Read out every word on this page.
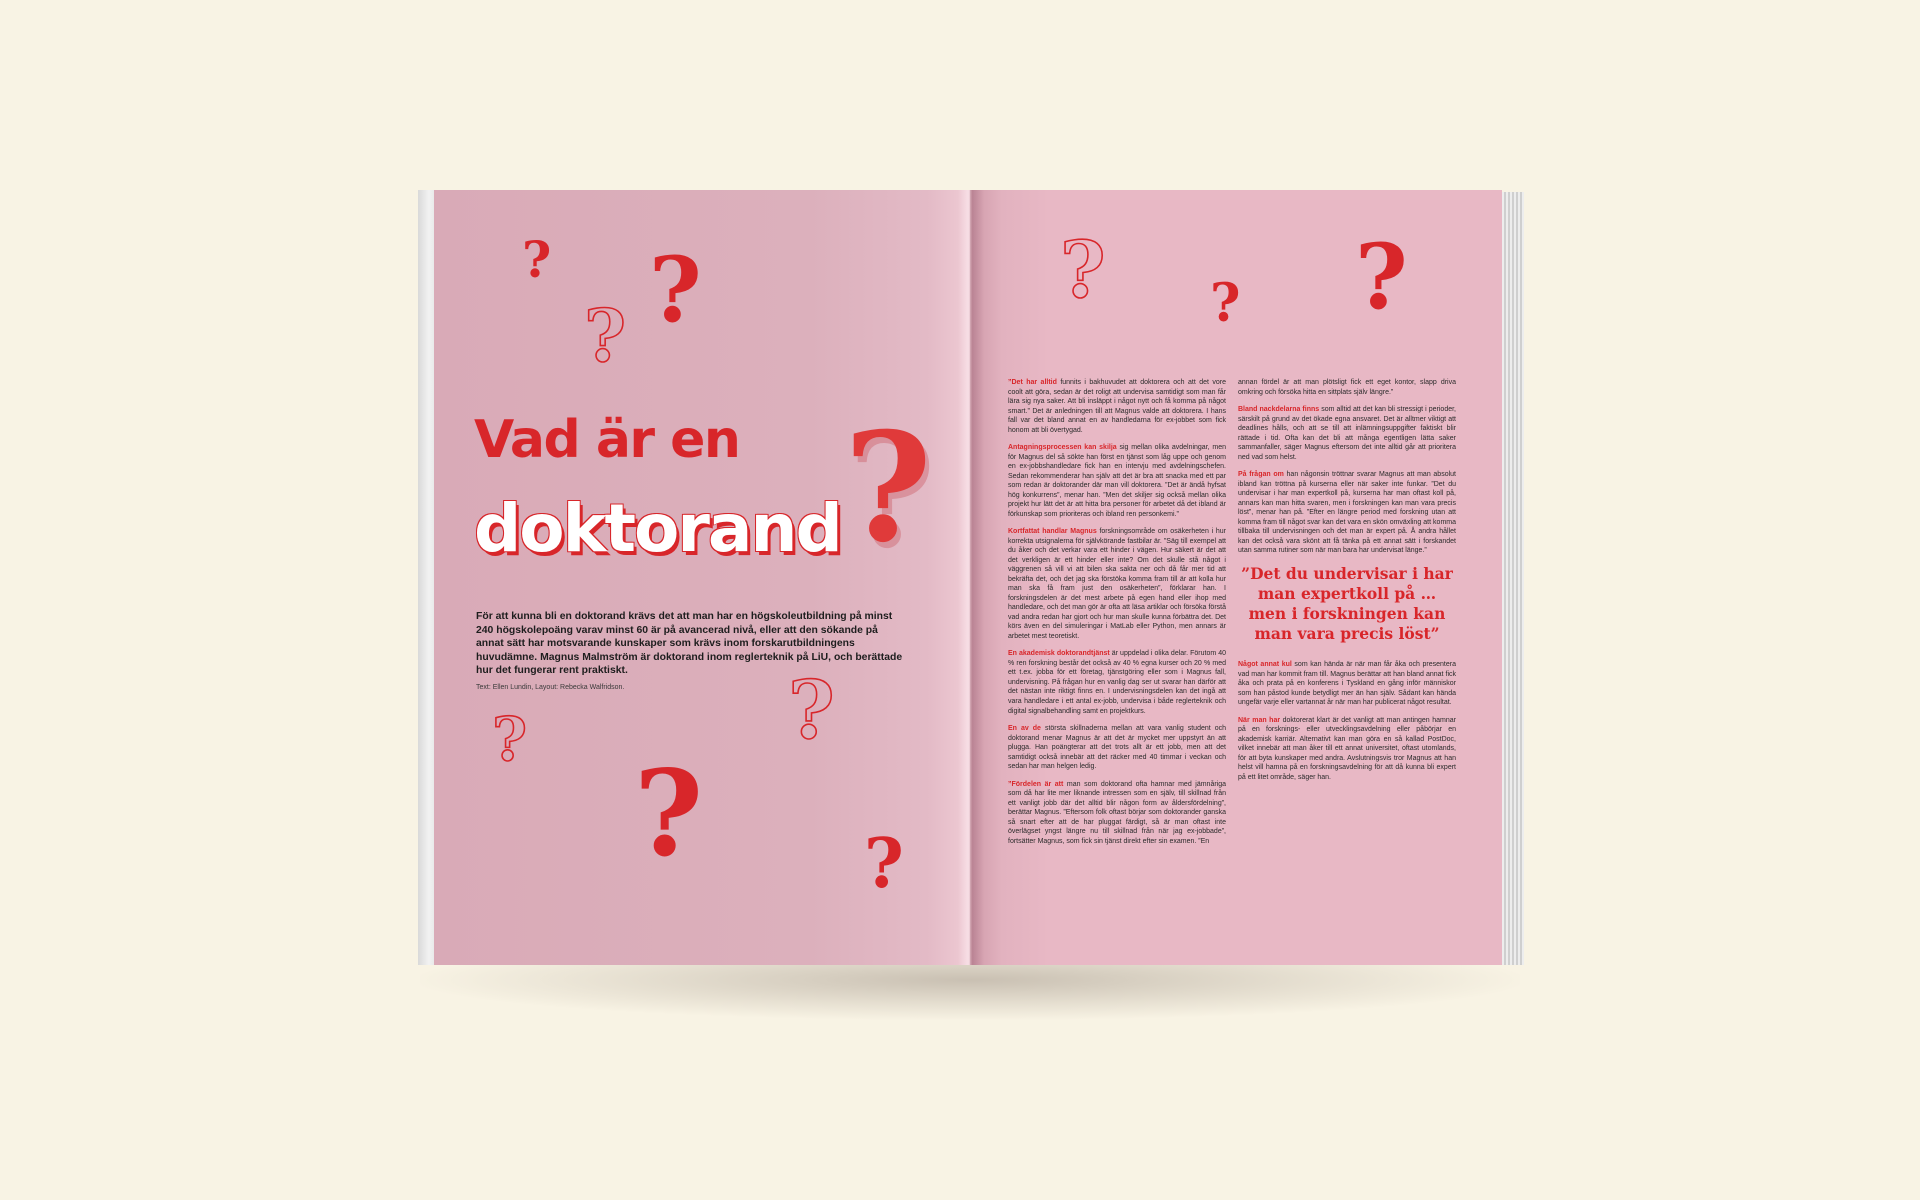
? ?
?
Vad är en
doktorand ?

För att kunna bli en doktorand krävs det att man har en högskoleutbildning på minst 240 högskolepoäng varav minst 60 är på avancerad nivå, eller att den sökande på annat sätt har motsvarande kunskaper som krävs inom forskarutbildningens huvudämne. Magnus Malmström är doktorand inom reglerteknik på LiU, och berättade hur det fungerar rent praktiskt.

Text: Ellen Lundin, Layout: Rebecka Walfridson.

?	?
? ?
? ? ?

”Det har alltid funnits i bakhuvudet att doktorera och att det vore coolt att göra, sedan är det roligt att undervisa samtidigt som man får lära sig nya saker. Att bli insläppt i något nytt och få komma på något smart.” Det är anledningen till att Magnus valde att doktorera. I hans fall var det bland annat en av handledarna för ex-jobbet som fick honom att bli övertygad.

Antagningsprocessen kan skilja sig mellan olika avdelningar, men för Magnus del så sökte han först en tjänst som låg uppe och genom en ex-jobbshandledare fick han en intervju med avdelningschefen. Sedan rekommenderar han själv att det är bra att snacka med ett par som redan är doktorander där man vill doktorera. ”Det är ändå hyfsat hög konkurrens”, menar han. ”Men det skiljer sig också mellan olika projekt hur lätt det är att hitta bra personer för arbetet då det ibland är förkunskap som prioriteras och ibland ren personkemi.”

Kortfattat handlar Magnus forskningsområde om osäkerheten i hur korrekta utsignalerna för självkörande fastbilar är. ”Säg till exempel att du åker och det verkar vara ett hinder i vägen. Hur säkert är det att det verkligen är ett hinder eller inte? Om det skulle stå något i väggrenen så vill vi att bilen ska sakta ner och då får mer tid att bekräfta det, och det jag ska förstöka komma fram till är att kolla hur man ska få fram just den osäkerheten”, förklarar han. I forskningsdelen är det mest arbete på egen hand eller ihop med handledare, och det man gör är ofta att läsa artiklar och försöka förstå vad andra redan har gjort och hur man skulle kunna förbättra det. Det körs även en del simuleringar i MatLab eller Python, men annars är arbetet mest teoretiskt.

En akademisk doktorandtjänst är uppdelad i olika delar. Förutom 40 % ren forskning består det också av 40 % egna kurser och 20 % med ett t.ex. jobba för ett företag, tjänstgöring eller som i Magnus fall, undervisning. På frågan hur en vanlig dag ser ut svarar han därför att det nästan inte riktigt finns en. I undervisningsdelen kan det ingå att vara handledare i ett antal ex-jobb, undervisa i både reglerteknik och digital signalbehandling samt en projektkurs.

En av de största skillnaderna mellan att vara vanlig student och doktorand menar Magnus är att det är mycket mer uppstyrt än att plugga. Han poängterar att det trots allt är ett jobb, men att det samtidigt också innebär att det räcker med 40 timmar i veckan och sedan har man helgen ledig.

”Fördelen är att man som doktorand ofta hamnar med jämnåriga som då har lite mer liknande intressen som en själv, till skillnad från ett vanligt jobb där det alltid blir någon form av åldersfördelning”, berättar Magnus. ”Eftersom folk oftast börjar som doktorander ganska så snart efter att de har pluggat färdigt, så är man oftast inte överlägset yngst längre nu till skillnad från när jag ex-jobbade”, fortsätter Magnus, som fick sin tjänst direkt efter sin examen. ”En

annan fördel är att man plötsligt fick ett eget kontor, slapp driva omkring och försöka hitta en sittplats själv längre.”

Bland nackdelarna finns som alltid att det kan bli stressigt i perioder, särskilt på grund av det ökade egna ansvaret. Det är alltmer viktigt att deadlines hålls, och att se till att inlämningsuppgifter faktiskt blir rättade i tid. Ofta kan det bli att många egentligen lätta saker sammanfaller, säger Magnus eftersom det inte alltid går att prioritera ned vad som helst.

På frågan om han någonsin tröttnar svarar Magnus att man absolut ibland kan tröttna på kurserna eller när saker inte funkar. ”Det du undervisar i har man expertkoll på, kurserna har man oftast koll på, annars kan man hitta svaren, men i forskningen kan man vara precis löst”, menar han på. ”Efter en längre period med forskning utan att komma fram till något svar kan det vara en skön omväxling att komma tillbaka till undervisningen och det man är expert på. Å andra hållet kan det också vara skönt att få tänka på ett annat sätt i forskandet utan samma rutiner som när man bara har undervisat länge.”

”Det du undervisar i har man expertkoll på … men i forskningen kan man vara precis löst”

Något annat kul som kan hända är när man får åka och presentera vad man har kommit fram till. Magnus berättar att han bland annat fick åka och prata på en konferens i Tyskland en gång inför människor som han påstod kunde betydligt mer än han själv. Sådant kan hända ungefär varje eller vartannat år när man har publicerat något resultat.

När man har doktorerat klart är det vanligt att man antingen hamnar på en forsknings- eller utvecklingsavdelning eller påbörjar en akademisk karriär. Alternativt kan man göra en så kallad PostDoc, vilket innebär att man åker till ett annat universitet, oftast utomlands, för att byta kunskaper med andra. Avslutningsvis tror Magnus att han helst vill hamna på en forskningsavdelning för att då kunna bli expert på ett litet område, säger han.
